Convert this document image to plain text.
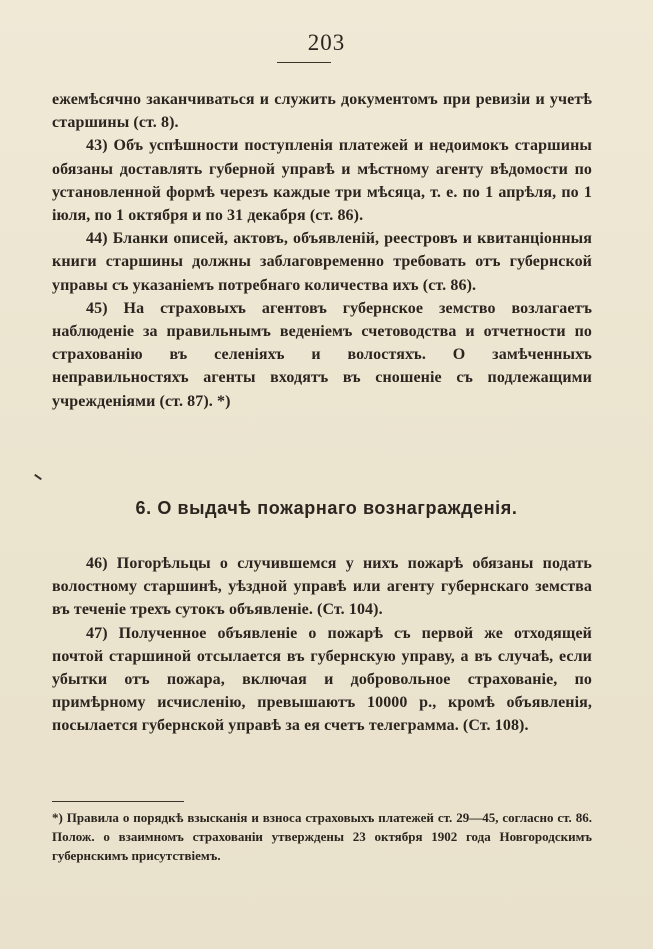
203

ежемѣсячно заканчиваться и служить документомъ при ревизіи и учетѣ старшины (ст. 8).

43) Объ успѣшности поступленія платежей и недоимокъ старшины обязаны доставлять губерной управѣ и мѣстному агенту вѣдомости по установленной формѣ черезъ каждые три мѣсяца, т. е. по 1 апрѣля, по 1 іюля, по 1 октября и по 31 декабря (ст. 86).

44) Бланки описей, актовъ, объявленій, реестровъ и квитанціонныя книги старшины должны заблаговременно требовать отъ губернской управы съ указаніемъ потребнаго количества ихъ (ст. 86).

45) На страховыхъ агентовъ губернское земство возлагаетъ наблюденіе за правильнымъ веденіемъ счетоводства и отчетности по страхованію въ селеніяхъ и волостяхъ. О замѣченныхъ неправильностяхъ агенты входятъ въ сношеніе съ подлежащими учрежденіями (ст. 87). *)

6. О выдачѣ пожарнаго вознагражденія.

46) Погорѣльцы о случившемся у нихъ пожарѣ обязаны подать волостному старшинѣ, уѣздной управѣ или агенту губернскаго земства въ теченіе трехъ сутокъ объявленіе. (Ст. 104).

47) Полученное объявленіе о пожарѣ съ первой же отходящей почтой старшиной отсылается въ губернскую управу, а въ случаѣ, если убытки отъ пожара, включая и добровольное страхованіе, по примѣрному исчисленію, превышаютъ 10000 р., кромѣ объявленія, посылается губернской управѣ за ея счетъ телеграмма. (Ст. 108).

*) Правила о порядкѣ взысканія и взноса страховыхъ платежей ст. 29—45, согласно ст. 86. Полож. о взаимномъ страхованіи утверждены 23 октября 1902 года Новгородскимъ губернскимъ присутствіемъ.
